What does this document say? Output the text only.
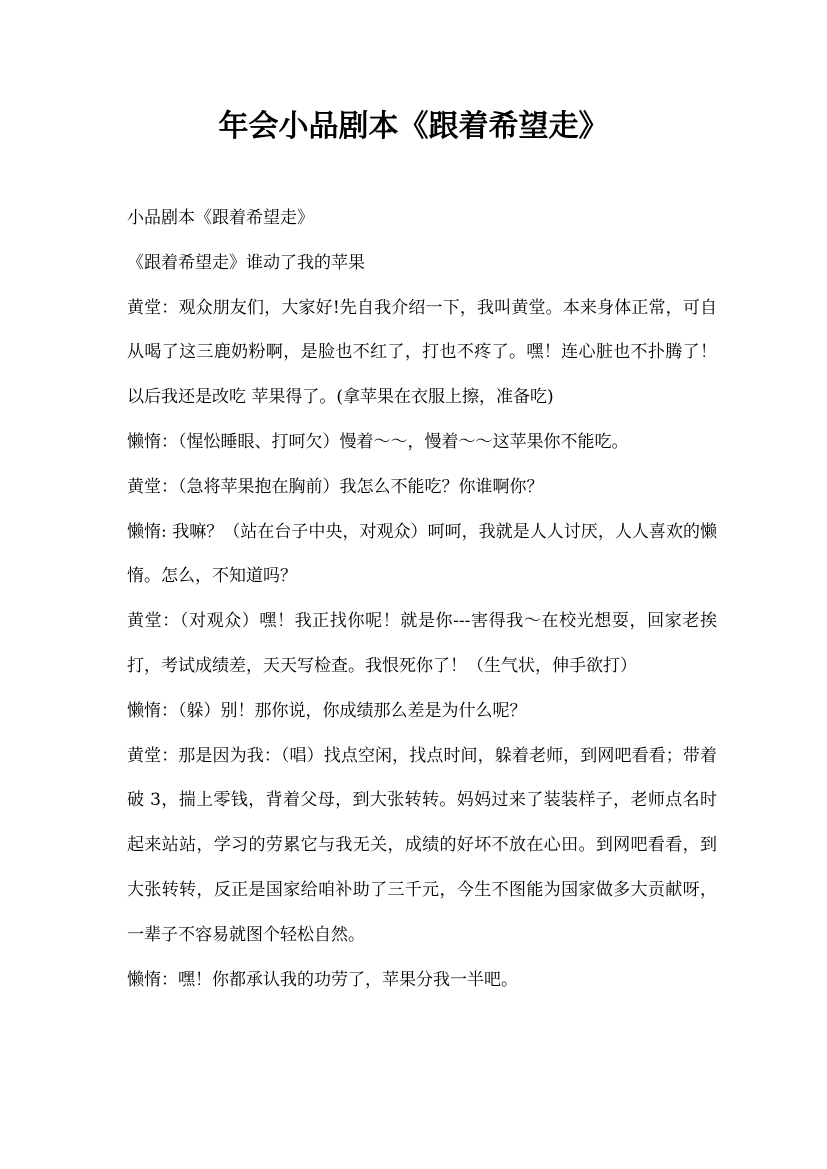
年会小品剧本《跟着希望走》

小品剧本《跟着希望走》

《跟着希望走》谁动了我的苹果

黄堂：观众朋友们，大家好!先自我介绍一下，我叫黄堂。本来身体正常，可自从喝了这三鹿奶粉啊，是脸也不红了，打也不疼了。嘿！连心脏也不扑腾了！以后我还是改吃 苹果得了。(拿苹果在衣服上擦，准备吃)

懒惰：（惺忪睡眼、打呵欠）慢着～～，慢着～～这苹果你不能吃。

黄堂：（急将苹果抱在胸前）我怎么不能吃？你谁啊你？

懒惰: 我嘛？（站在台子中央，对观众）呵呵，我就是人人讨厌，人人喜欢的懒惰。怎么，不知道吗？

黄堂：（对观众）嘿！我正找你呢！就是你---害得我～在校光想耍，回家老挨打，考试成绩差，天天写检查。我恨死你了！（生气状，伸手欲打）

懒惰：（躲）别！那你说，你成绩那么差是为什么呢？

黄堂：那是因为我：（唱）找点空闲，找点时间，躲着老师，到网吧看看；带着破 3，揣上零钱，背着父母，到大张转转。妈妈过来了装装样子，老师点名时起来站站，学习的劳累它与我无关，成绩的好坏不放在心田。到网吧看看，到大张转转，反正是国家给咱补助了三千元，今生不图能为国家做多大贡献呀，一辈子不容易就图个轻松自然。

懒惰：嘿！你都承认我的功劳了，苹果分我一半吧。
